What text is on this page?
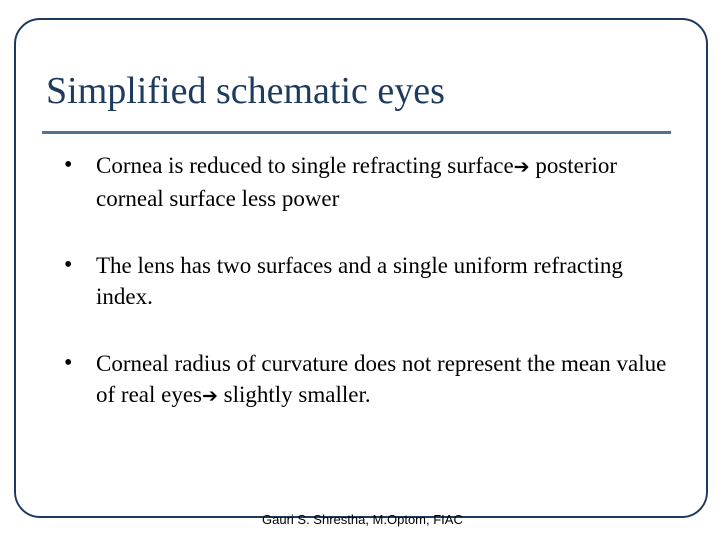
Simplified schematic eyes
• Cornea is reduced to single refracting surface➔ posterior corneal surface less power
• The lens has two surfaces and a single uniform refracting index.
• Corneal radius of curvature does not represent the mean value of real eyes➔ slightly smaller.
Gauri S. Shrestha, M.Optom, FIAC
